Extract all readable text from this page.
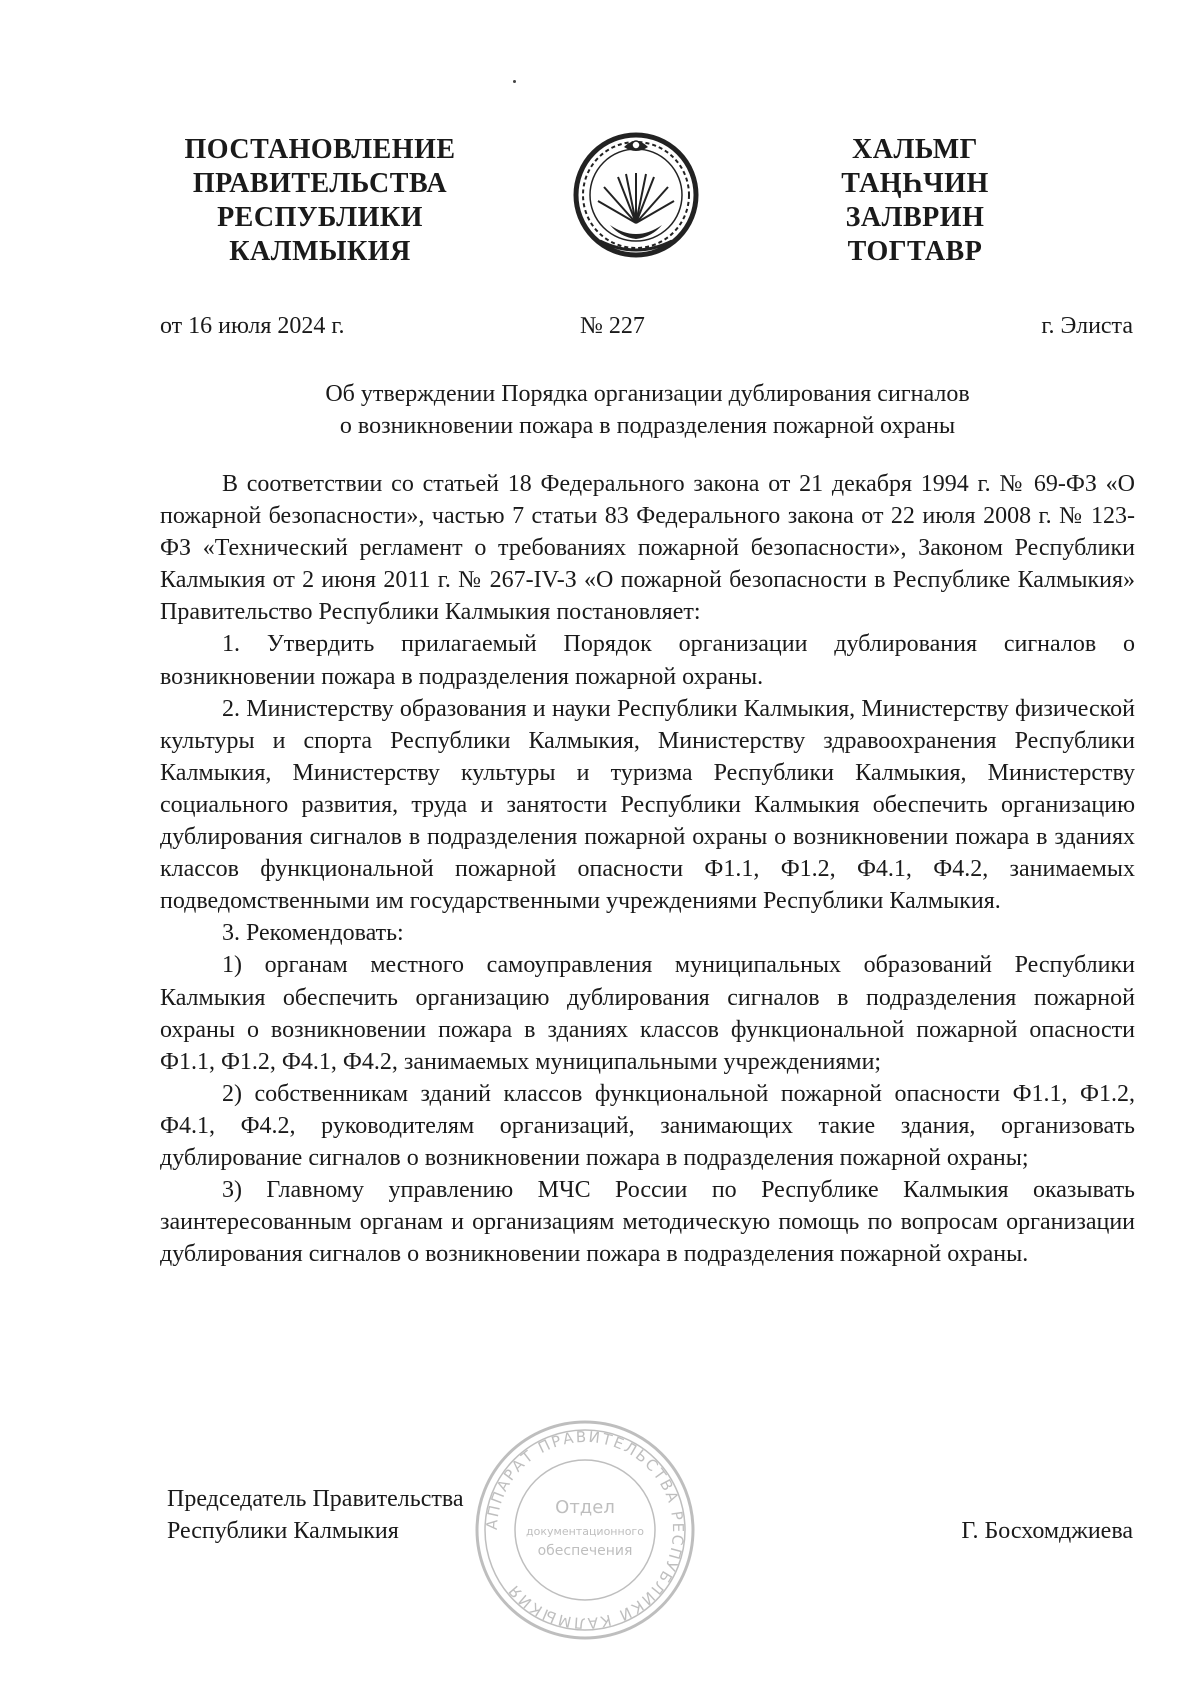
ПОСТАНОВЛЕНИЕ
ПРАВИТЕЛЬСТВА
РЕСПУБЛИКИ
КАЛМЫКИЯ
ХАЛЬМГ
ТАҢҺЧИН
ЗАЛВРИН
ТОГТАВР
от 16 июля 2024 г.	№ 227	г. Элиста
Об утверждении Порядка организации дублирования сигналов
о возникновении пожара в подразделения пожарной охраны

В соответствии со статьей 18 Федерального закона от 21 декабря 1994 г. № 69-ФЗ «О пожарной безопасности», частью 7 статьи 83 Федерального закона от 22 июля 2008 г. № 123-ФЗ «Технический регламент о требованиях пожарной безопасности», Законом Республики Калмыкия от 2 июня 2011 г. № 267-IV-З «О пожарной безопасности в Республике Калмыкия» Правительство Республики Калмыкия постановляет:

1. Утвердить прилагаемый Порядок организации дублирования сигналов о возникновении пожара в подразделения пожарной охраны.

2. Министерству образования и науки Республики Калмыкия, Министерству физической культуры и спорта Республики Калмыкия, Министерству здравоохранения Республики Калмыкия, Министерству культуры и туризма Республики Калмыкия, Министерству социального развития, труда и занятости Республики Калмыкия обеспечить организацию дублирования сигналов в подразделения пожарной охраны о возникновении пожара в зданиях классов функциональной пожарной опасности Ф1.1, Ф1.2, Ф4.1, Ф4.2, занимаемых подведомственными им государственными учреждениями Республики Калмыкия.

3. Рекомендовать:

1) органам местного самоуправления муниципальных образований Республики Калмыкия обеспечить организацию дублирования сигналов в подразделения пожарной охраны о возникновении пожара в зданиях классов функциональной пожарной опасности Ф1.1, Ф1.2, Ф4.1, Ф4.2, занимаемых муниципальными учреждениями;

2) собственникам зданий классов функциональной пожарной опасности Ф1.1, Ф1.2, Ф4.1, Ф4.2, руководителям организаций, занимающих такие здания, организовать дублирование сигналов о возникновении пожара в подразделения пожарной охраны;

3) Главному управлению МЧС России по Республике Калмыкия оказывать заинтересованным органам и организациям методическую помощь по вопросам организации дублирования сигналов о возникновении пожара в подразделения пожарной охраны.

АППАРАТ ПРАВИТЕЛЬСТВА РЕСПУБЛИКИ КАЛМЫКИЯ
Отдел
документационного
обеспечения
Председатель Правительства
Республики Калмыкия	Г. Босхомджиева
